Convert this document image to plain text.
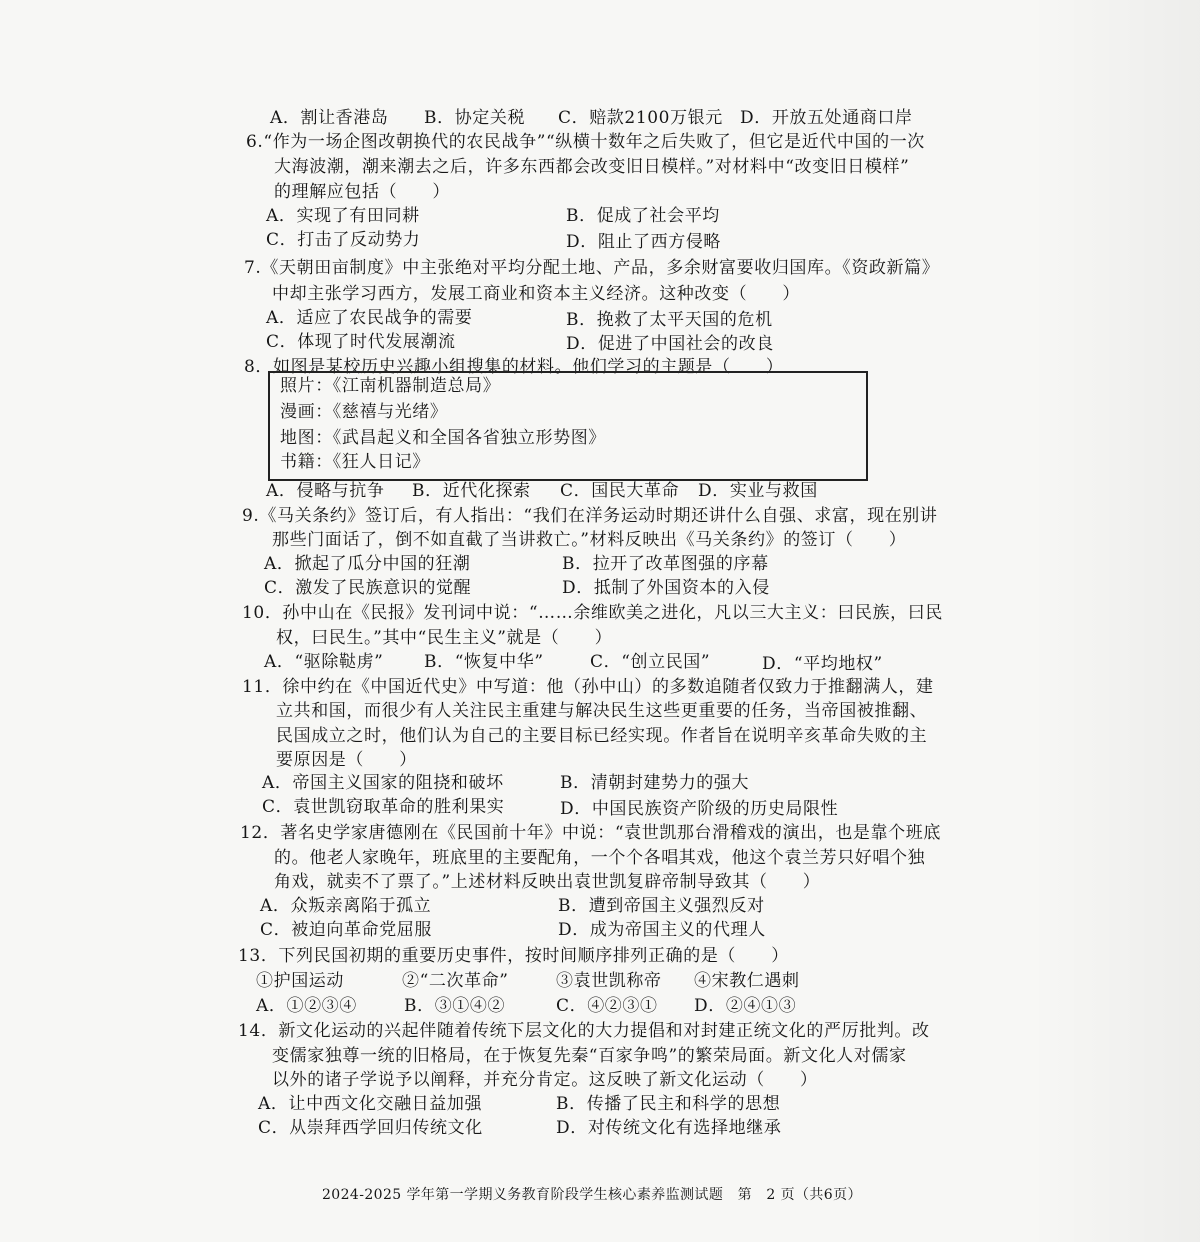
A．割让香港岛 B．协定关税 C．赔款2100万银元 D．开放五处通商口岸
6.“作为一场企图改朝换代的农民战争”“纵横十数年之后失败了，但它是近代中国的一次
大海波潮，潮来潮去之后，许多东西都会改变旧日模样。”对材料中“改变旧日模样”
的理解应包括（　　）
A．实现了有田同耕	B．促成了社会平均
C．打击了反动势力	D．阻止了西方侵略
7.《天朝田亩制度》中主张绝对平均分配土地、产品，多余财富要收归国库。《资政新篇》
中却主张学习西方，发展工商业和资本主义经济。这种改变（　　）
A．适应了农民战争的需要	B．挽救了太平天国的危机
C．体现了时代发展潮流	D．促进了中国社会的改良
8．如图是某校历史兴趣小组搜集的材料。他们学习的主题是（　　）
照片：《江南机器制造总局》
漫画：《慈禧与光绪》
地图：《武昌起义和全国各省独立形势图》
书籍：《狂人日记》
A．侵略与抗争 B．近代化探索 C．国民大革命 D．实业与救国
9.《马关条约》签订后，有人指出：“我们在洋务运动时期还讲什么自强、求富，现在别讲
那些门面话了，倒不如直截了当讲救亡。”材料反映出《马关条约》的签订（　　）
A．掀起了瓜分中国的狂潮	B．拉开了改革图强的序幕
C．激发了民族意识的觉醒	D．抵制了外国资本的入侵
10．孙中山在《民报》发刊词中说：“……余维欧美之进化，凡以三大主义：曰民族，曰民
权，曰民生。”其中“民生主义”就是（　　）
A．“驱除鞑虏” B．“恢复中华”	C．“创立民国”	D．“平均地权”
11．徐中约在《中国近代史》中写道：他（孙中山）的多数追随者仅致力于推翻满人，建
立共和国，而很少有人关注民主重建与解决民生这些更重要的任务，当帝国被推翻、
民国成立之时，他们认为自己的主要目标已经实现。作者旨在说明辛亥革命失败的主
要原因是（　　）
A．帝国主义国家的阻挠和破坏	B．清朝封建势力的强大
C．袁世凯窃取革命的胜利果实	D．中国民族资产阶级的历史局限性
12．著名史学家唐德刚在《民国前十年》中说：“袁世凯那台滑稽戏的演出，也是靠个班底
的。他老人家晚年，班底里的主要配角，一个个各唱其戏，他这个袁兰芳只好唱个独
角戏，就卖不了票了。”上述材料反映出袁世凯复辟帝制导致其（　　）
A．众叛亲离陷于孤立	B．遭到帝国主义强烈反对
C．被迫向革命党屈服	D．成为帝国主义的代理人
13．下列民国初期的重要历史事件，按时间顺序排列正确的是（　　）
①护国运动	②“二次革命”	③袁世凯称帝 ④宋教仁遇刺
A．①②③④	B．③①④②	C．④②③① D．②④①③
14．新文化运动的兴起伴随着传统下层文化的大力提倡和对封建正统文化的严厉批判。改
变儒家独尊一统的旧格局，在于恢复先秦“百家争鸣”的繁荣局面。新文化人对儒家
以外的诸子学说予以阐释，并充分肯定。这反映了新文化运动（　　）
A．让中西文化交融日益加强	B．传播了民主和科学的思想
C．从崇拜西学回归传统文化	D．对传统文化有选择地继承
2024-2025 学年第一学期义务教育阶段学生核心素养监测试题　第　2 页（共6页）
